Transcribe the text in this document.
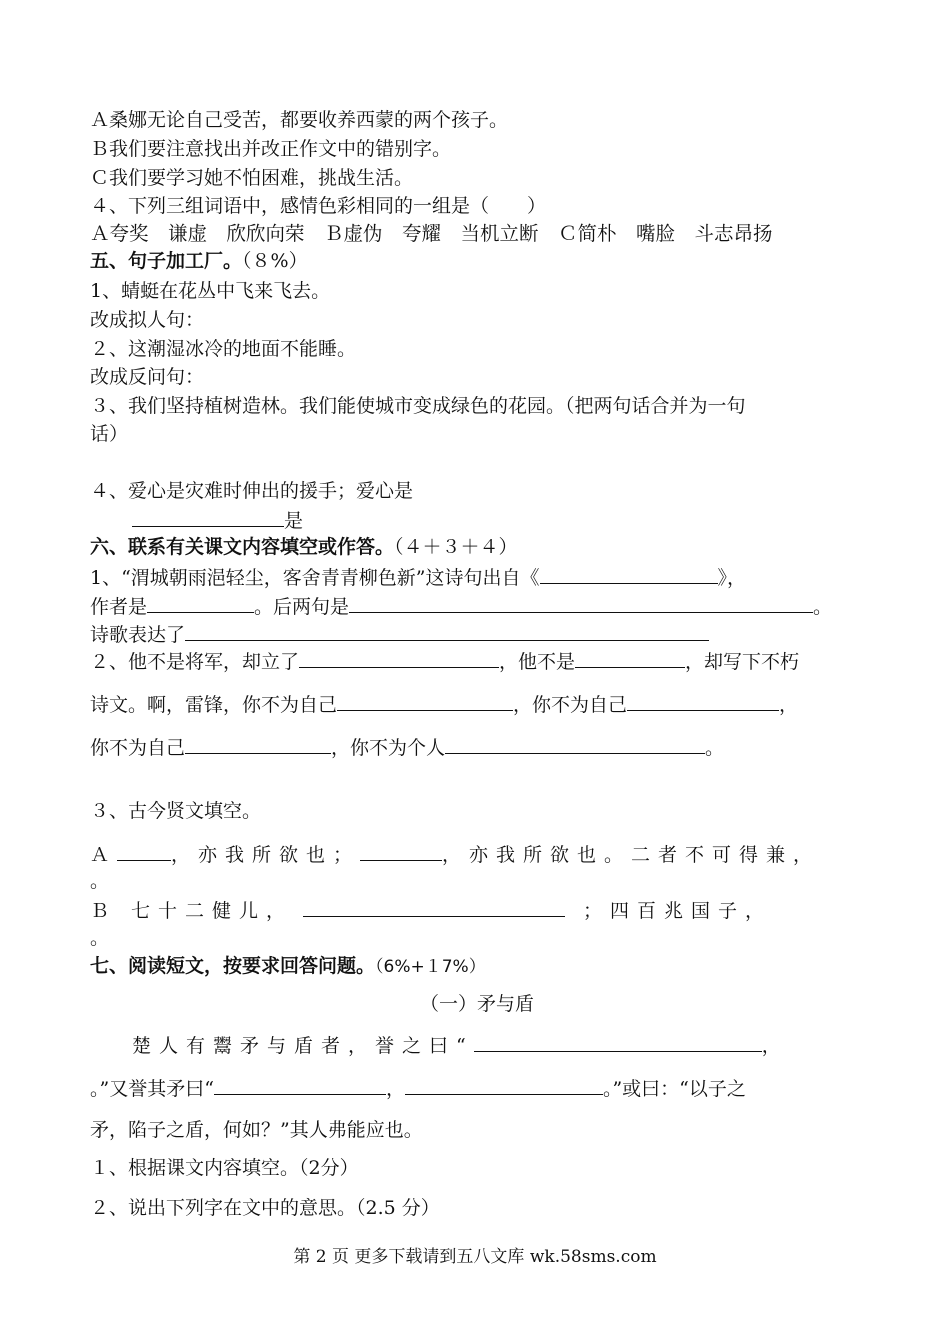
Ａ桑娜无论自己受苦，都要收养西蒙的两个孩子。
Ｂ我们要注意找出并改正作文中的错别字。
Ｃ我们要学习她不怕困难，挑战生活。
４、下列三组词语中，感情色彩相同的一组是（　　）
Ａ夸奖　谦虚　欣欣向荣　Ｂ虚伪　夸耀　当机立断　Ｃ简朴　嘴脸　斗志昂扬
五、句子加工厂。（８%）
1、蜻蜓在花丛中飞来飞去。
改成拟人句：
２、这潮湿冰冷的地面不能睡。
改成反问句：
３、我们坚持植树造林。我们能使城市变成绿色的花园。（把两句话合并为一句
话）
４、爱心是灾难时伸出的援手；爱心是
是
六、联系有关课文内容填空或作答。（４＋３＋４）
1、“渭城朝雨浥轻尘，客舍青青柳色新”这诗句出自《	》，
作者是	。后两句是	。
诗歌表达了
２、他不是将军，却立了	，他不是	，却写下不朽
诗文。啊，雷锋，你不为自己	，你不为自己	，
你不为自己	，你不为个人	。
３、古今贤文填空。
Ａ	，亦我所欲也；	，亦我所欲也。二者不可得兼，
。
Ｂ 七十二健儿，	；四百兆国子，
。
七、阅读短文，按要求回答问题。（6%+１7%）
（一）矛与盾
楚人有鬻矛与盾者，誉之曰“	，
。”又誉其矛曰“	，	。”或曰：“以子之
矛，陷子之盾，何如？”其人弗能应也。
１、根据课文内容填空。（2分）
２、说出下列字在文中的意思。（2.5 分）
第 2 页 更多下载请到五八文库 wk.58sms.com
